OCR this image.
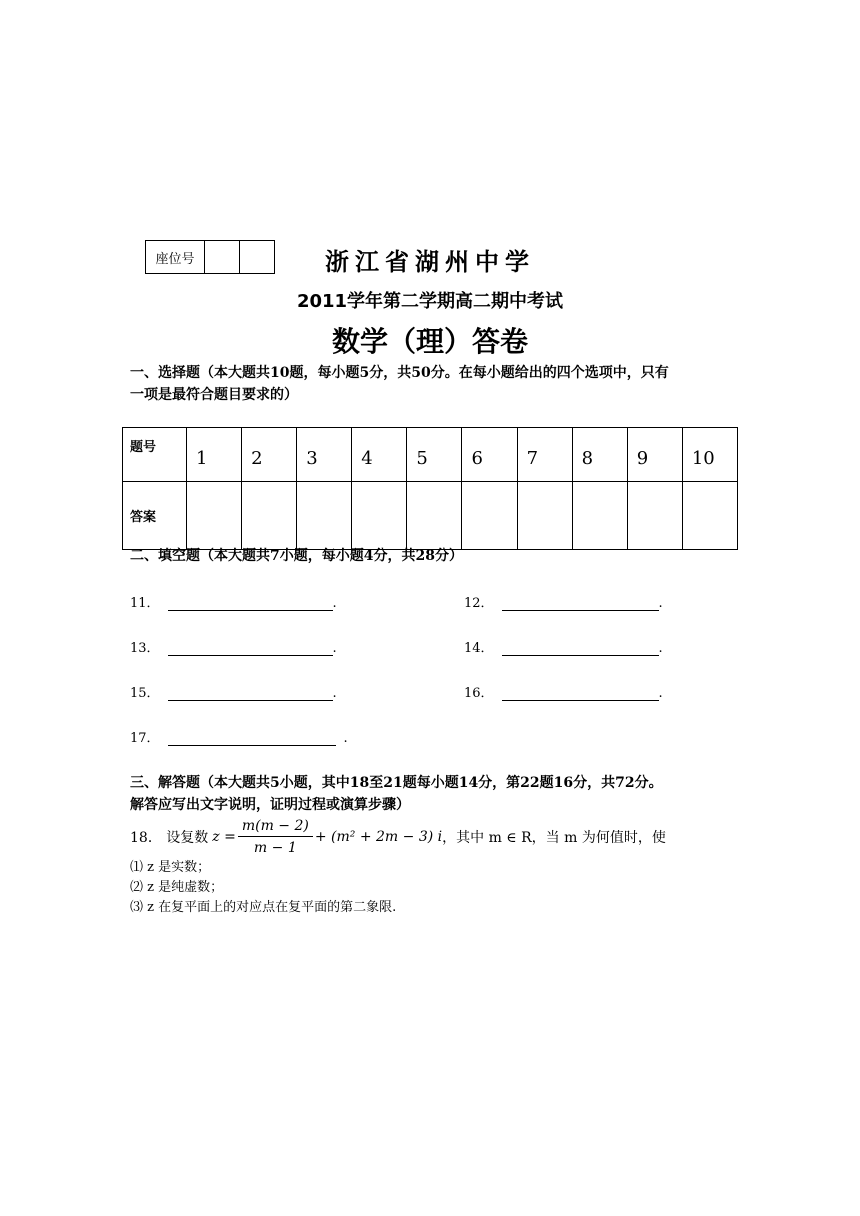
座位号	浙江省湖州中学
2011学年第二学期高二期中考试
数学（理）答卷
一、选择题（本大题共10题，每小题5分，共50分。在每小题给出的四个选项中，只有
一项是最符合题目要求的）
题号	1	2	3	4	5	6	7	8	9	10
答案										
二、填空题（本大题共7小题，每小题4分，共28分）
11．	.	12．	.
13．	.	14．	.
15．	.	16．	.
17．	.
三、解答题（本大题共5小题，其中18至21题每小题14分，第22题16分，共72分。
解答应写出文字说明，证明过程或演算步骤）
18． 设复数 $z = \frac{m(m - 2)}{m - 1} + (m^2 + 2m - 3)$ i ，其中 m ∈ R，当 m 为何值时，使
⑴ z 是实数；
⑵ z 是纯虚数；
⑶ z 在复平面上的对应点在复平面的第二象限.
